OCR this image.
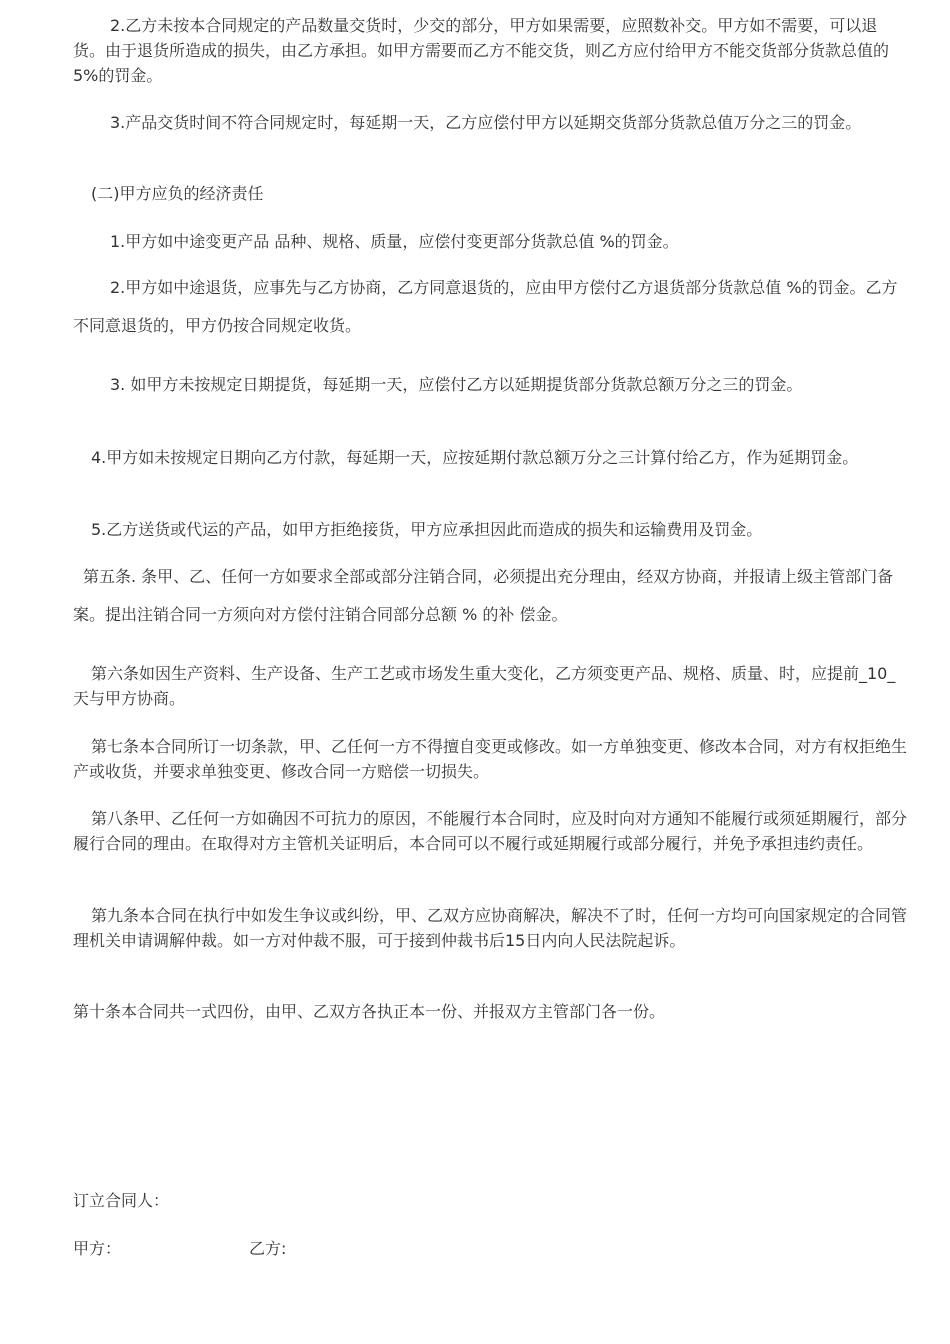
2.乙方未按本合同规定的产品数量交货时，少交的部分，甲方如果需要，应照数补交。甲方如不需要，可以退货。由于退货所造成的损失，由乙方承担。如甲方需要而乙方不能交货，则乙方应付给甲方不能交货部分货款总值的5%的罚金。

3.产品交货时间不符合同规定时，每延期一天，乙方应偿付甲方以延期交货部分货款总值万分之三的罚金。

(二)甲方应负的经济责任

1.甲方如中途变更产品 品种、规格、质量，应偿付变更部分货款总值 %的罚金。

2.甲方如中途退货，应事先与乙方协商，乙方同意退货的，应由甲方偿付乙方退货部分货款总值 %的罚金。乙方不同意退货的，甲方仍按合同规定收货。

3. 如甲方未按规定日期提货，每延期一天，应偿付乙方以延期提货部分货款总额万分之三的罚金。

4.甲方如未按规定日期向乙方付款，每延期一天，应按延期付款总额万分之三计算付给乙方，作为延期罚金。

5.乙方送货或代运的产品，如甲方拒绝接货，甲方应承担因此而造成的损失和运输费用及罚金。

第五条. 条甲、乙、任何一方如要求全部或部分注销合同，必须提出充分理由，经双方协商，并报请上级主管部门备案。提出注销合同一方须向对方偿付注销合同部分总额 % 的补 偿金。

第六条如因生产资料、生产设备、生产工艺或市场发生重大变化，乙方须变更产品、规格、质量、时，应提前_10_天与甲方协商。

第七条本合同所订一切条款，甲、乙任何一方不得擅自变更或修改。如一方单独变更、修改本合同，对方有权拒绝生产或收货，并要求单独变更、修改合同一方赔偿一切损失。

第八条甲、乙任何一方如确因不可抗力的原因，不能履行本合同时，应及时向对方通知不能履行或须延期履行，部分履行合同的理由。在取得对方主管机关证明后，本合同可以不履行或延期履行或部分履行，并免予承担违约责任。

第九条本合同在执行中如发生争议或纠纷，甲、乙双方应协商解决，解决不了时，任何一方均可向国家规定的合同管理机关申请调解仲裁。如一方对仲裁不服，可于接到仲裁书后15日内向人民法院起诉。

第十条本合同共一式四份，由甲、乙双方各执正本一份、并报双方主管部门各一份。

订立合同人：
甲方：	乙方:
